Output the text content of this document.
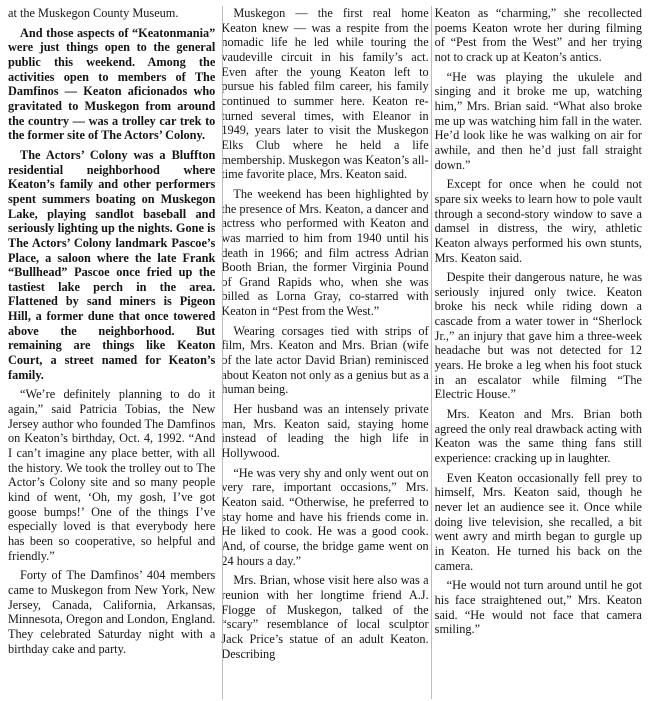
at the Muskegon County Museum.

And those aspects of “Keatonmania” were just things open to the general public this weekend. Among the activities open to members of The Damfinos — Keaton aficionados who gravitated to Muskegon from around the country — was a trolley car trek to the former site of The Actors’ Colony.

The Actors’ Colony was a Bluffton residential neighborhood where Keaton’s family and other performers spent summers boating on Muskegon Lake, playing sandlot baseball and seriously lighting up the nights. Gone is The Actors’ Colony landmark Pascoe’s Place, a saloon where the late Frank “Bullhead” Pascoe once fried up the tastiest lake perch in the area. Flattened by sand miners is Pigeon Hill, a former dune that once towered above the neighborhood. But remaining are things like Keaton Court, a street named for Keaton’s family.

“We’re definitely planning to do it again,” said Patricia Tobias, the New Jersey author who founded The Damfinos on Keaton’s birthday, Oct. 4, 1992. “And I can’t imagine any place better, with all the history. We took the trolley out to The Actor’s Colony site and so many people kind of went, ‘Oh, my gosh, I’ve got goose bumps!’ One of the things I’ve especially loved is that everybody here has been so cooperative, so helpful and friendly.”

Forty of The Damfinos’ 404 members came to Muskegon from New York, New Jersey, Canada, California, Arkansas, Minnesota, Oregon and London, England. They celebrated Saturday night with a birthday cake and party.

Muskegon — the first real home Keaton knew — was a respite from the nomadic life he led while touring the vaudeville circuit in his family’s act. Even after the young Keaton left to pursue his fabled film career, his family continued to summer here. Keaton returned several times, with Eleanor in 1949, years later to visit the Muskegon Elks Club where he held a life membership. Muskegon was Keaton’s all-time favorite place, Mrs. Keaton said.

The weekend has been highlighted by the presence of Mrs. Keaton, a dancer and actress who performed with Keaton and was married to him from 1940 until his death in 1966; and film actress Adrian Booth Brian, the former Virginia Pound of Grand Rapids who, when she was billed as Lorna Gray, co-starred with Keaton in “Pest from the West.”

Wearing corsages tied with strips of film, Mrs. Keaton and Mrs. Brian (wife of the late actor David Brian) reminisced about Keaton not only as a genius but as a human being.

Her husband was an intensely private man, Mrs. Keaton said, staying home instead of leading the high life in Hollywood.

“He was very shy and only went out on very rare, important occasions,” Mrs. Keaton said. “Otherwise, he preferred to stay home and have his friends come in. He liked to cook. He was a good cook. And, of course, the bridge game went on 24 hours a day.”

Mrs. Brian, whose visit here also was a reunion with her longtime friend A.J. Flogge of Muskegon, talked of the “scary” resemblance of local sculptor Jack Price’s statue of an adult Keaton. Describing

Keaton as “charming,” she recollected poems Keaton wrote her during filming of “Pest from the West” and her trying not to crack up at Keaton’s antics.

“He was playing the ukulele and singing and it broke me up, watching him,” Mrs. Brian said. “What also broke me up was watching him fall in the water. He’d look like he was walking on air for awhile, and then he’d just fall straight down.”

Except for once when he could not spare six weeks to learn how to pole vault through a second-story window to save a damsel in distress, the wiry, athletic Keaton always performed his own stunts, Mrs. Keaton said.

Despite their dangerous nature, he was seriously injured only twice. Keaton broke his neck while riding down a cascade from a water tower in “Sherlock Jr.,” an injury that gave him a three-week headache but was not detected for 12 years. He broke a leg when his foot stuck in an escalator while filming “The Electric House.”

Mrs. Keaton and Mrs. Brian both agreed the only real drawback acting with Keaton was the same thing fans still experience: cracking up in laughter.

Even Keaton occasionally fell prey to himself, Mrs. Keaton said, though he never let an audience see it. Once while doing live television, she recalled, a bit went awry and mirth began to gurgle up in Keaton. He turned his back on the camera.

“He would not turn around until he got his face straightened out,” Mrs. Keaton said. “He would not face that camera smiling.”
